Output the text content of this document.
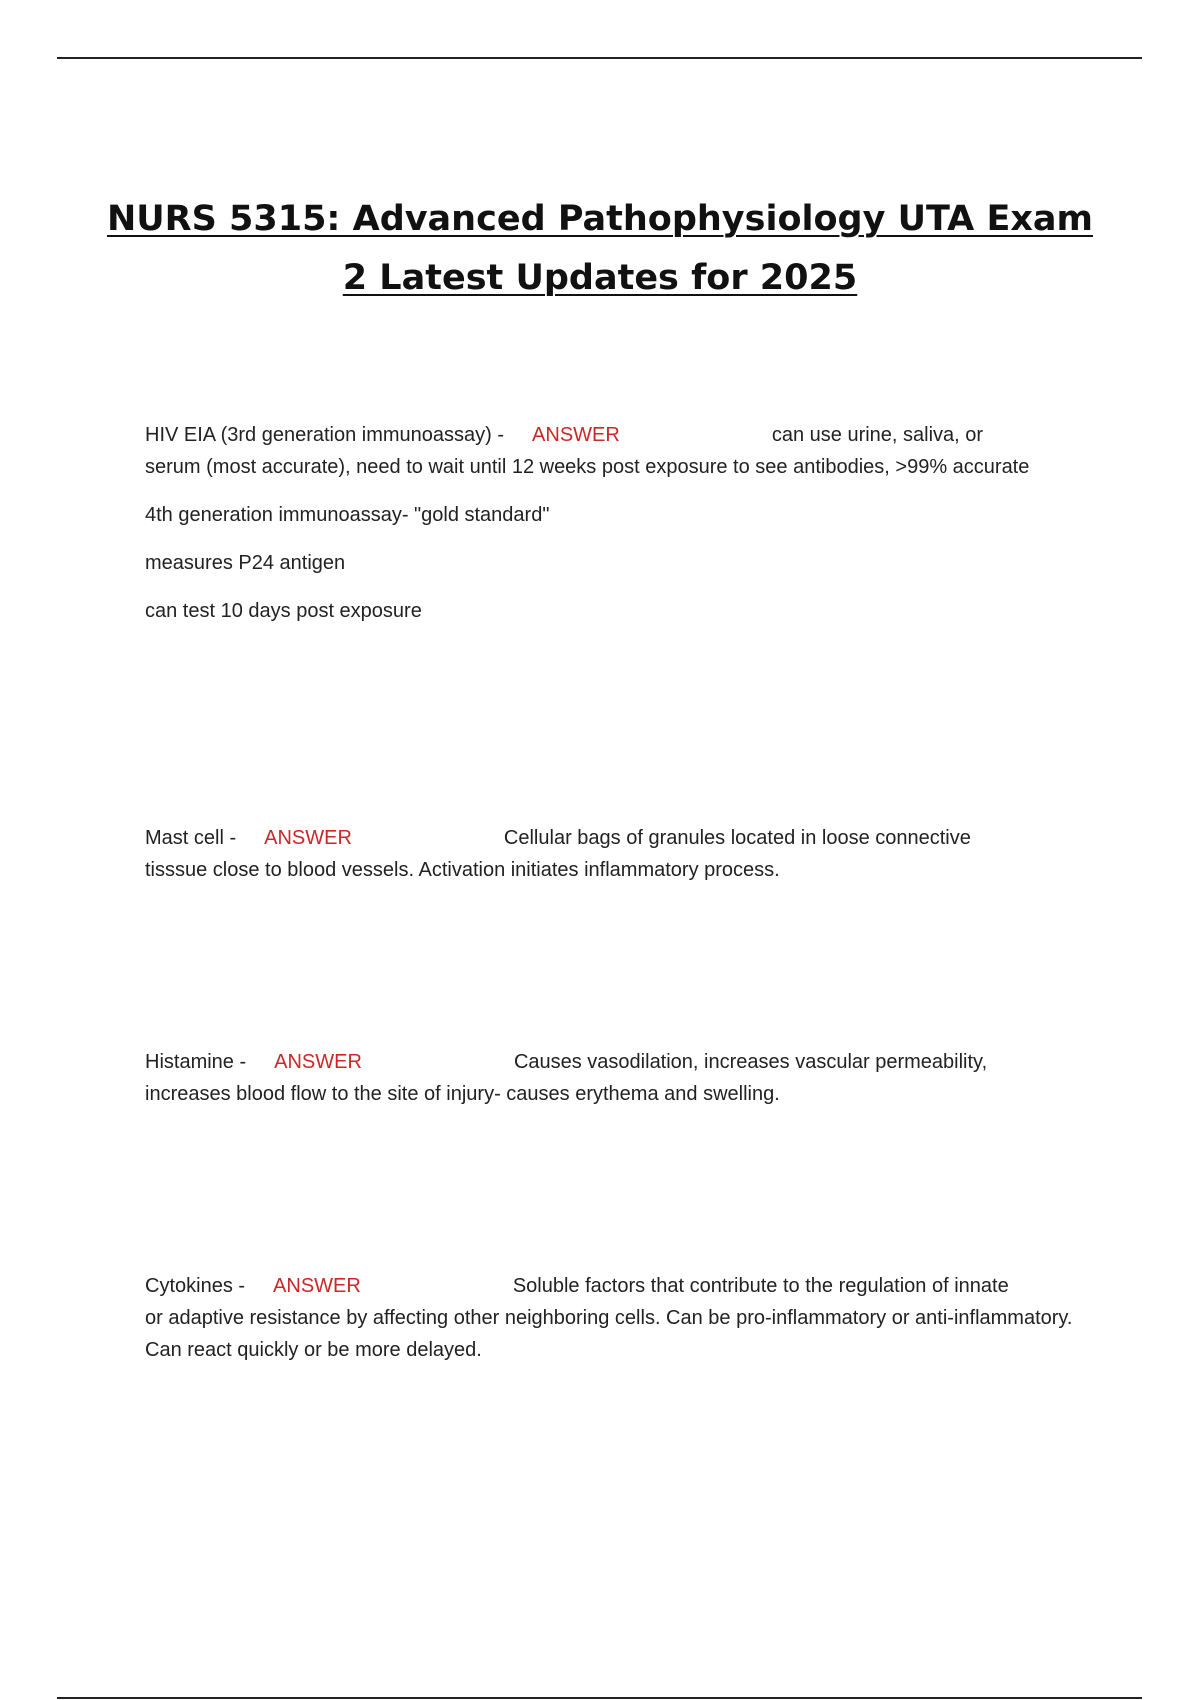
NURS 5315: Advanced Pathophysiology UTA Exam
2 Latest Updates for 2025

HIV EIA (3rd generation immunoassay) - ANSWER	can use urine, saliva, or
serum (most accurate), need to wait until 12 weeks post exposure to see antibodies, >99% accurate

4th generation immunoassay- "gold standard"

measures P24 antigen

can test 10 days post exposure

Mast cell - ANSWER	Cellular bags of granules located in loose connective
tisssue close to blood vessels. Activation initiates inflammatory process.

Histamine - ANSWER	Causes vasodilation, increases vascular permeability,
increases blood flow to the site of injury- causes erythema and swelling.

Cytokines - ANSWER	Soluble factors that contribute to the regulation of innate
or adaptive resistance by affecting other neighboring cells. Can be pro-inflammatory or anti-inflammatory. Can react quickly or be more delayed.
